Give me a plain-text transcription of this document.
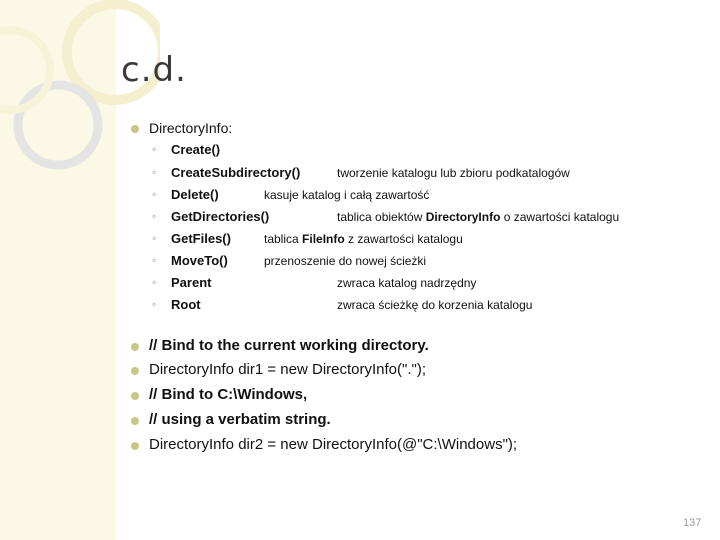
c.d.
DirectoryInfo:
◦ Create()
◦ CreateSubdirectory()	tworzenie katalogu lub zbioru podkatalogów
◦ Delete()	kasuje katalog i całą zawartość
◦ GetDirectories()	tablica obiektów DirectoryInfo o zawartości katalogu
◦ GetFiles()	tablica FileInfo z zawartości katalogu
◦ MoveTo()	przenoszenie do nowej ścieżki
◦ Parent	zwraca katalog nadrzędny
◦ Root	zwraca ścieżkę do korzenia katalogu
// Bind to the current working directory.
DirectoryInfo dir1 = new DirectoryInfo(".");
// Bind to C:\Windows,
// using a verbatim string.
DirectoryInfo dir2 = new DirectoryInfo(@"C:\Windows");
137
